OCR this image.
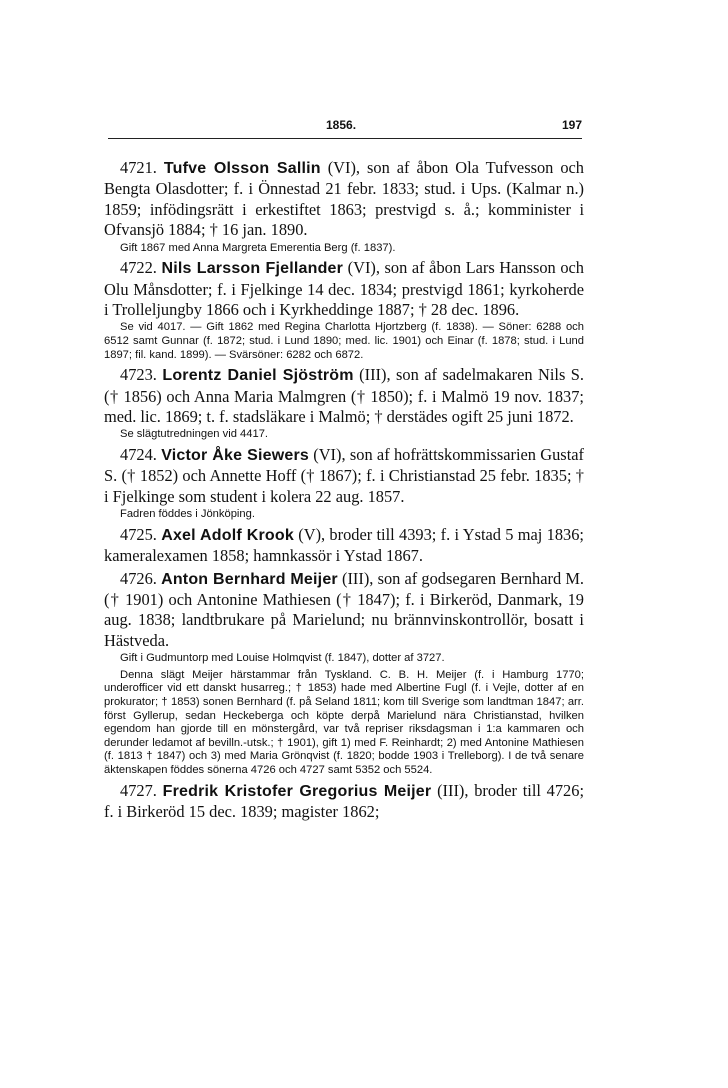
1856.	197

4721. Tufve Olsson Sallin (VI), son af åbon Ola Tufvesson och Bengta Olasdotter; f. i Önnestad 21 febr. 1833; stud. i Ups. (Kalmar n.) 1859; infödingsrätt i erkestiftet 1863; prestvigd s. å.; komminister i Ofvansjö 1884; † 16 jan. 1890.

Gift 1867 med Anna Margreta Emerentia Berg (f. 1837).

4722. Nils Larsson Fjellander (VI), son af åbon Lars Hansson och Olu Månsdotter; f. i Fjelkinge 14 dec. 1834; prestvigd 1861; kyrkoherde i Trolleljungby 1866 och i Kyrkheddinge 1887; † 28 dec. 1896.

Se vid 4017. — Gift 1862 med Regina Charlotta Hjortzberg (f. 1838). — Söner: 6288 och 6512 samt Gunnar (f. 1872; stud. i Lund 1890; med. lic. 1901) och Einar (f. 1878; stud. i Lund 1897; fil. kand. 1899). — Svärsöner: 6282 och 6872.

4723. Lorentz Daniel Sjöström (III), son af sadelmakaren Nils S. († 1856) och Anna Maria Malmgren († 1850); f. i Malmö 19 nov. 1837; med. lic. 1869; t. f. stadsläkare i Malmö; † derstädes ogift 25 juni 1872.

Se slägtutredningen vid 4417.

4724. Victor Åke Siewers (VI), son af hofrättskommissarien Gustaf S. († 1852) och Annette Hoff († 1867); f. i Christianstad 25 febr. 1835; † i Fjelkinge som student i kolera 22 aug. 1857.

Fadren föddes i Jönköping.

4725. Axel Adolf Krook (V), broder till 4393; f. i Ystad 5 maj 1836; kameralexamen 1858; hamnkassör i Ystad 1867.

4726. Anton Bernhard Meijer (III), son af godsegaren Bernhard M. († 1901) och Antonine Mathiesen († 1847); f. i Birkeröd, Danmark, 19 aug. 1838; landtbrukare på Marielund; nu brännvinskontrollör, bosatt i Hästveda.

Gift i Gudmuntorp med Louise Holmqvist (f. 1847), dotter af 3727.

Denna slägt Meijer härstammar från Tyskland. C. B. H. Meijer (f. i Hamburg 1770; underofficer vid ett danskt husarreg.; † 1853) hade med Albertine Fugl (f. i Vejle, dotter af en prokurator; † 1853) sonen Bernhard (f. på Seland 1811; kom till Sverige som landtman 1847; arr. först Gyllerup, sedan Heckeberga och köpte derpå Marielund nära Christianstad, hvilken egendom han gjorde till en mönstergård, var två repriser riksdagsman i 1:a kammaren och derunder ledamot af bevilln.-utsk.; † 1901), gift 1) med F. Reinhardt; 2) med Antonine Mathiesen (f. 1813 † 1847) och 3) med Maria Grönqvist (f. 1820; bodde 1903 i Trelleborg). I de två senare äktenskapen föddes sönerna 4726 och 4727 samt 5352 och 5524.

4727. Fredrik Kristofer Gregorius Meijer (III), broder till 4726; f. i Birkeröd 15 dec. 1839; magister 1862;
